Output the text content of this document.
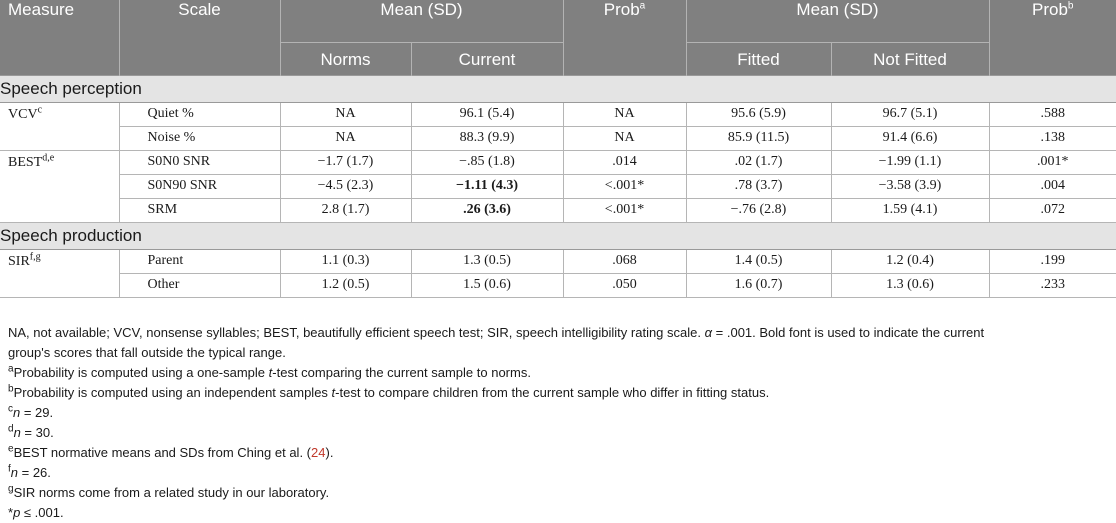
Measure	Scale	Mean (SD)		Prob$^a$	Mean (SD)		Prob$^b$
		Norms	Current		Fitted	Not Fitted	
Speech perception							
VCV$^c$	Quiet %	NA	96.1 (5.4)	NA	95.6 (5.9)	96.7 (5.1)	.588
	Noise %	NA	88.3 (9.9)	NA	85.9 (11.5)	91.4 (6.6)	.138
BEST$^{d,e}$	S0N0 SNR	−1.7 (1.7)	−.85 (1.8)	.014	.02 (1.7)	−1.99 (1.1)	.001*
	S0N90 SNR	−4.5 (2.3)	−1.11 (4.3)	<.001*	.78 (3.7)	−3.58 (3.9)	.004
	SRM	2.8 (1.7)	.26 (3.6)	<.001*	−.76 (2.8)	1.59 (4.1)	.072
Speech production							
SIR$^{f,g}$	Parent	1.1 (0.3)	1.3 (0.5)	.068	1.4 (0.5)	1.2 (0.4)	.199
	Other	1.2 (0.5)	1.5 (0.6)	.050	1.6 (0.7)	1.3 (0.6)	.233

NA, not available; VCV, nonsense syllables; BEST, beautifully efficient speech test; SIR, speech intelligibility rating scale. α = .001. Bold font is used to indicate the current
group's scores that fall outside the typical range.

$^a$Probability is computed using a one-sample t-test comparing the current sample to norms.

$^b$Probability is computed using an independent samples t-test to compare children from the current sample who differ in fitting status.

$^c$n = 29.

$^d$n = 30.

$^e$BEST normative means and SDs from Ching et al. (24).

$^f$n = 26.

$^g$SIR norms come from a related study in our laboratory.

*p ≤ .001.
